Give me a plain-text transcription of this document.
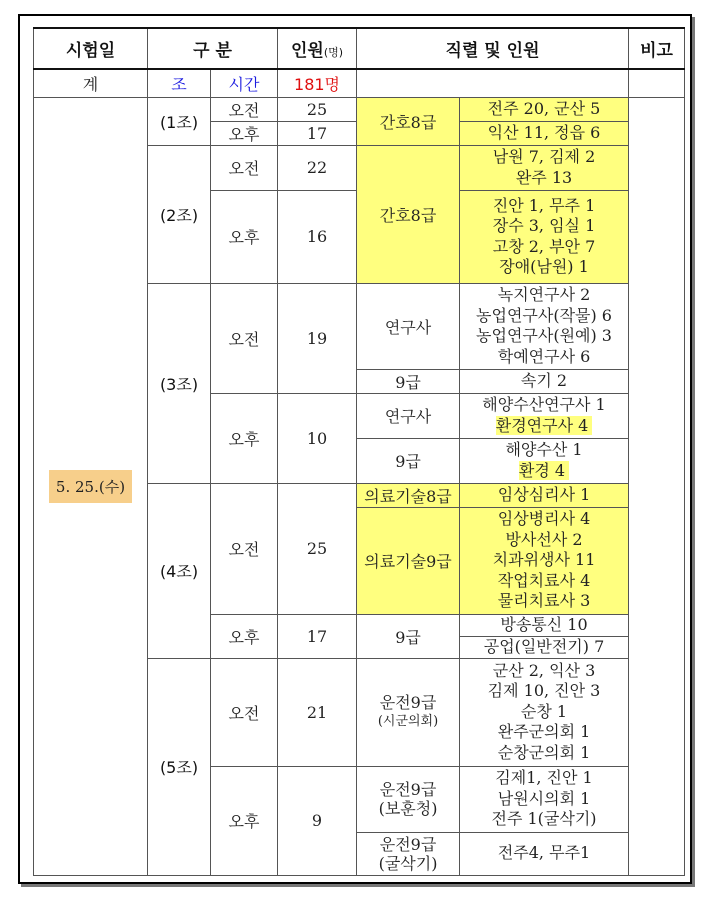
시험일	구 분		인원(명)	직렬 및 인원		비고
계	조	시간	181명			
5. 25.(수)	(1조)	오전	25	간호8급	전주 20, 군산 5	

		오후	17		익산 11, 정읍 6	

	(2조)	오전	22	간호8급	남원 7, 김제 2
완주 13	

		오후	16		진안 1, 무주 1
장수 3, 임실 1
고창 2, 부안 7
장애(남원) 1	

	(3조)	오전	19	연구사	녹지연구사 2
농업연구사(작물) 6
농업연구사(원예) 3
학예연구사 6	

				9급	속기 2	

		오후	10	연구사	해양수산연구사 1
환경연구사 4	

				9급	해양수산 1
환경 4	

	(4조)	오전	25	의료기술8급	임상심리사 1	

				의료기술9급	임상병리사 4
방사선사 2
치과위생사 11
작업치료사 4
물리치료사 3	

		오후	17	9급	방송통신 10	

					공업(일반전기) 7	

	(5조)	오전	21	운전9급
(시군의회)	군산 2, 익산 3
김제 10, 진안 3
순창 1
완주군의회 1
순창군의회 1	

		오후	9	운전9급
(보훈청)	김제1, 진안 1
남원시의회 1
전주 1(굴삭기)	

				운전9급
(굴삭기)	전주4, 무주1	
